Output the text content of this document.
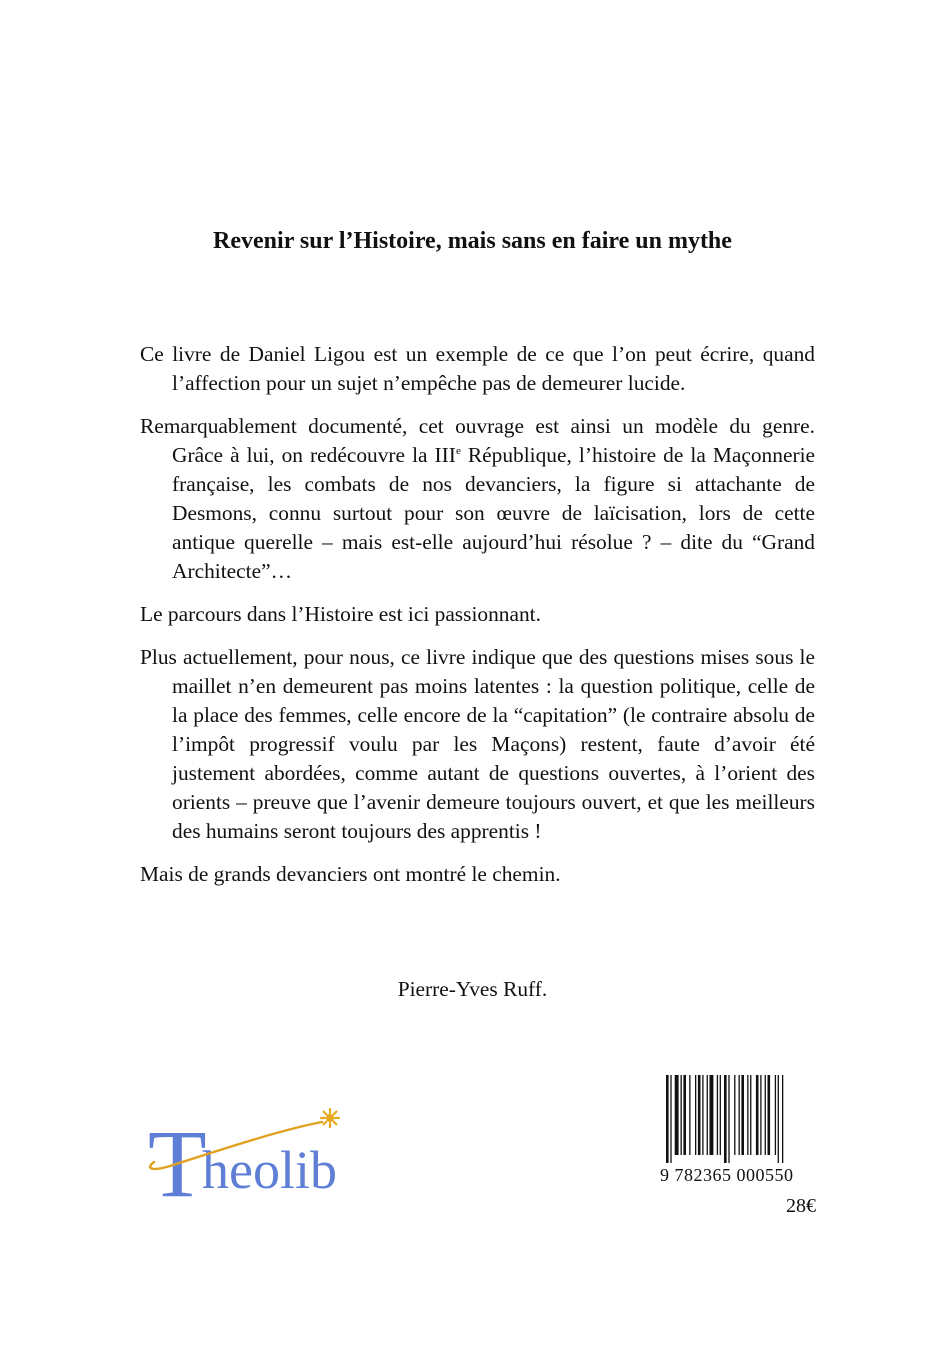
Revenir sur l’Histoire, mais sans en faire un mythe

Ce livre de Daniel Ligou est un exemple de ce que l’on peut écrire, quand l’affection pour un sujet n’empêche pas de demeurer lucide.

Remarquablement documenté, cet ouvrage est ainsi un modèle du genre. Grâce à lui, on redécouvre la IIIe République, l’histoire de la Maçonnerie française, les combats de nos devanciers, la figure si attachante de Desmons, connu surtout pour son œuvre de laïcisation, lors de cette antique querelle – mais est-elle aujourd’hui résolue ? – dite du “Grand Architecte”…

Le parcours dans l’Histoire est ici passionnant.

Plus actuellement, pour nous, ce livre indique que des questions mises sous le maillet n’en demeurent pas moins latentes : la question politique, celle de la place des femmes, celle encore de la “capitation” (le contraire absolu de l’impôt progressif voulu par les Maçons) restent, faute d’avoir été justement abordées, comme autant de questions ouvertes, à l’orient des orients – preuve que l’avenir demeure toujours ouvert, et que les meilleurs des humains seront toujours des apprentis !

Mais de grands devanciers ont montré le chemin.

Pierre-Yves Ruff.
T
heolib	9 782365 000550
28€
